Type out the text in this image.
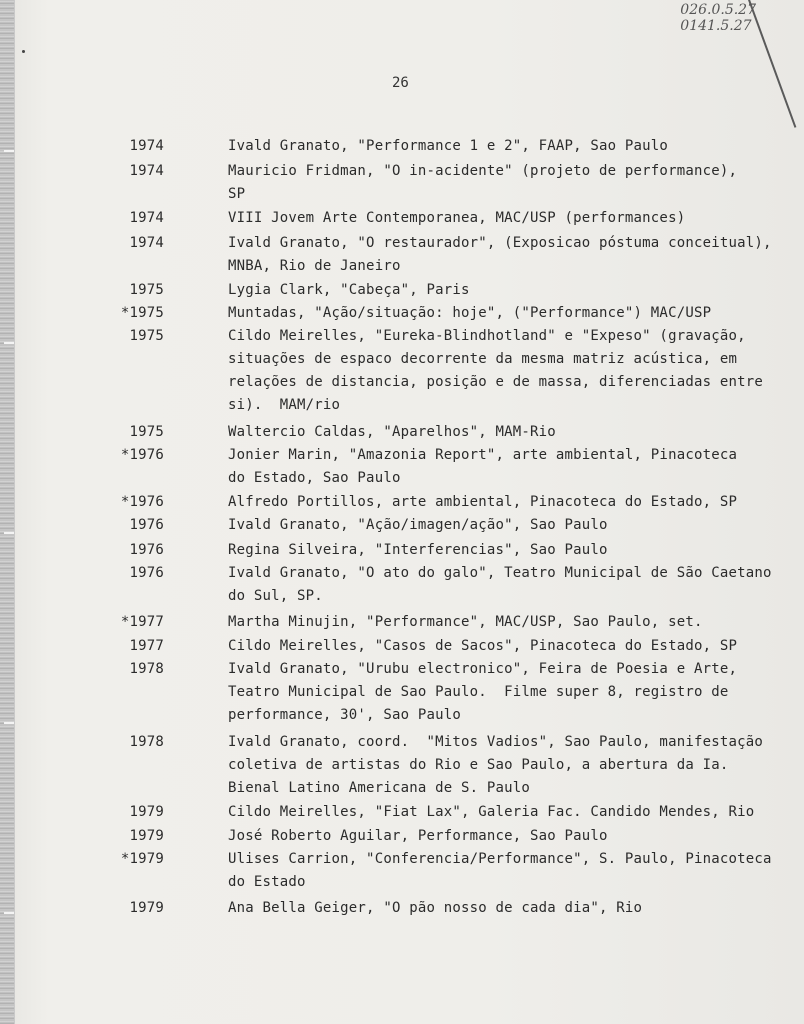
026.0.5.27
0141.5.27
26
1974	Ivald Granato, "Performance 1 e 2", FAAP, Sao Paulo
1974	Mauricio Fridman, "O in-acidente" (projeto de performance),
SP
1974	VIII Jovem Arte Contemporanea, MAC/USP (performances)
1974	Ivald Granato, "O restaurador", (Exposicao póstuma conceitual),
MNBA, Rio de Janeiro
1975	Lygia Clark, "Cabeça", Paris
*1975	Muntadas, "Ação/situação: hoje", ("Performance") MAC/USP
1975	Cildo Meirelles, "Eureka-Blindhotland" e "Expeso" (gravação,
situações de espaco decorrente da mesma matriz acústica, em
relações de distancia, posição e de massa, diferenciadas entre
si).  MAM/rio
1975	Waltercio Caldas, "Aparelhos", MAM-Rio
*1976	Jonier Marin, "Amazonia Report", arte ambiental, Pinacoteca
do Estado, Sao Paulo
*1976	Alfredo Portillos, arte ambiental, Pinacoteca do Estado, SP
1976	Ivald Granato, "Ação/imagen/ação", Sao Paulo
1976	Regina Silveira, "Interferencias", Sao Paulo
1976	Ivald Granato, "O ato do galo", Teatro Municipal de São Caetano
do Sul, SP.
*1977	Martha Minujin, "Performance", MAC/USP, Sao Paulo, set.
1977	Cildo Meirelles, "Casos de Sacos", Pinacoteca do Estado, SP
1978	Ivald Granato, "Urubu electronico", Feira de Poesia e Arte,
Teatro Municipal de Sao Paulo.  Filme super 8, registro de
performance, 30', Sao Paulo
1978	Ivald Granato, coord.  "Mitos Vadios", Sao Paulo, manifestação
coletiva de artistas do Rio e Sao Paulo, a abertura da Ia.
Bienal Latino Americana de S. Paulo
1979	Cildo Meirelles, "Fiat Lax", Galeria Fac. Candido Mendes, Rio
1979	José Roberto Aguilar, Performance, Sao Paulo
*1979	Ulises Carrion, "Conferencia/Performance", S. Paulo, Pinacoteca
do Estado
1979	Ana Bella Geiger, "O pão nosso de cada dia", Rio
